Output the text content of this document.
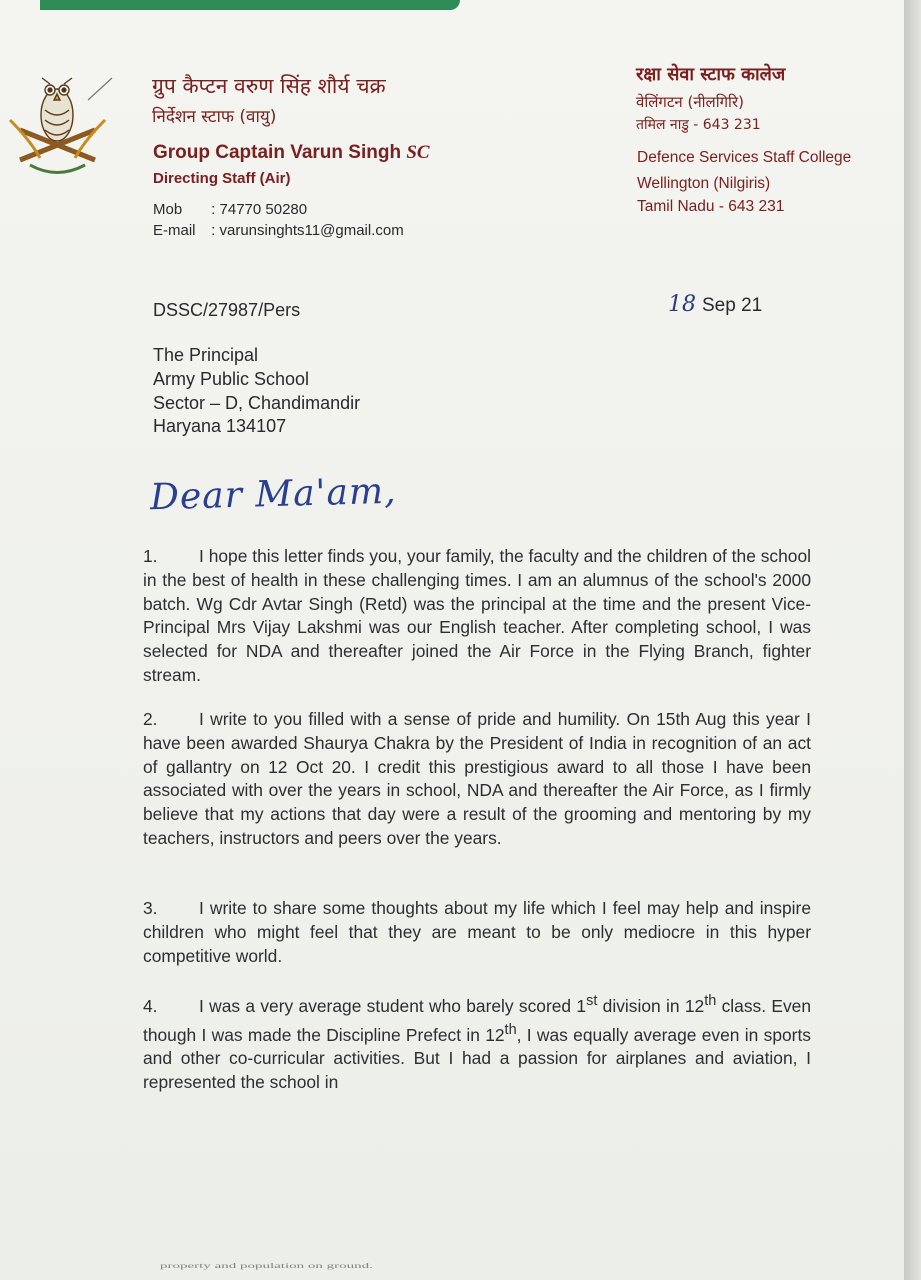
ग्रुप कैप्टन वरुण सिंह शौर्य चक्र
निर्देशन स्टाफ (वायु)
Group Captain Varun Singh SC
Directing Staff (Air)
Mob : 74770 50280
E-mail : varunsinghts11@gmail.com
रक्षा सेवा स्टाफ कालेज
वेलिंगटन (नीलगिरि)
तमिल नाडु - 643 231
Defence Services Staff College
Wellington (Nilgiris)
Tamil Nadu - 643 231
DSSC/27987/Pers	18 Sep 21
The Principal
Army Public School
Sector – D, Chandimandir
Haryana 134107
Dear Ma'am,

1. I hope this letter finds you, your family, the faculty and the children of the school in the best of health in these challenging times. I am an alumnus of the school's 2000 batch. Wg Cdr Avtar Singh (Retd) was the principal at the time and the present Vice-Principal Mrs Vijay Lakshmi was our English teacher. After completing school, I was selected for NDA and thereafter joined the Air Force in the Flying Branch, fighter stream.

2. I write to you filled with a sense of pride and humility. On 15th Aug this year I have been awarded Shaurya Chakra by the President of India in recognition of an act of gallantry on 12 Oct 20. I credit this prestigious award to all those I have been associated with over the years in school, NDA and thereafter the Air Force, as I firmly believe that my actions that day were a result of the grooming and mentoring by my teachers, instructors and peers over the years.

3. I write to share some thoughts about my life which I feel may help and inspire children who might feel that they are meant to be only mediocre in this hyper competitive world.

4. I was a very average student who barely scored 1st division in 12th class. Even though I was made the Discipline Prefect in 12th, I was equally average even in sports and other co-curricular activities. But I had a passion for airplanes and aviation, I represented the school in

property and population on ground.
